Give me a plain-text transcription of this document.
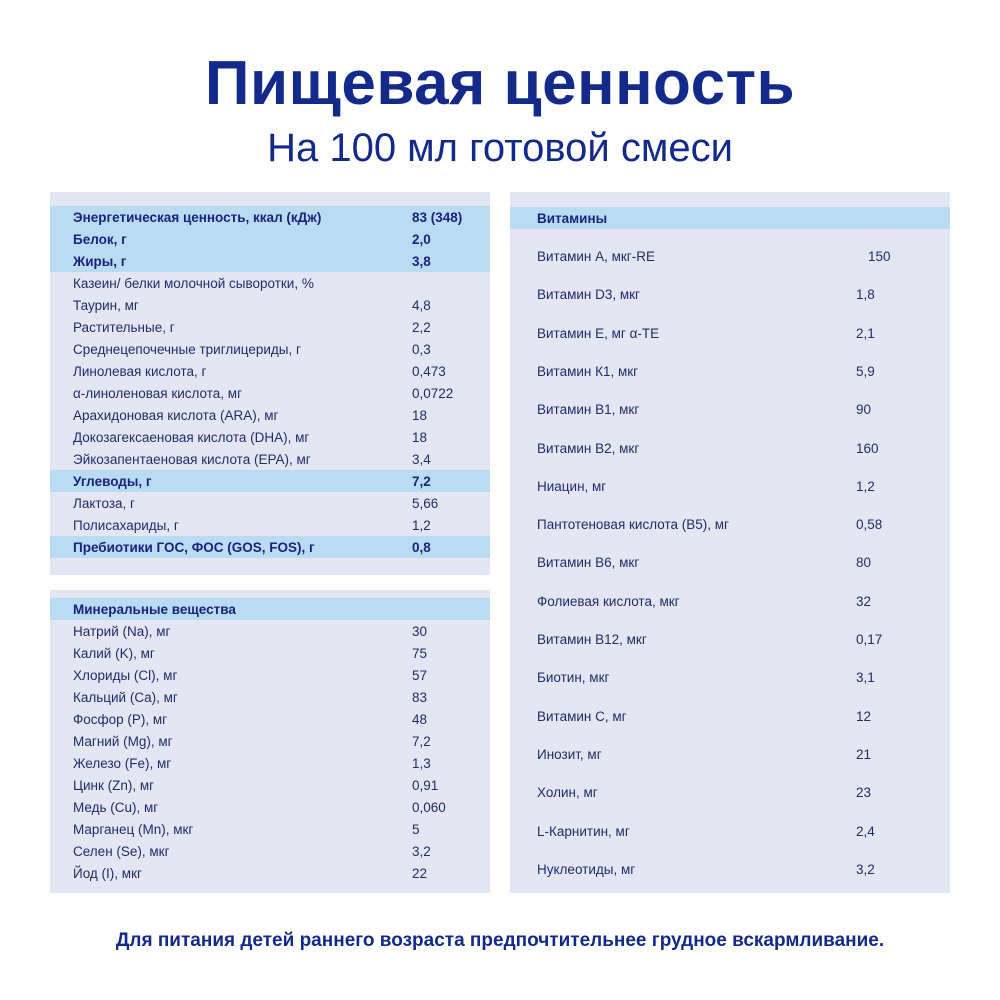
Пищевая ценность
На 100 мл готовой смеси
Энергетическая ценность, ккал (кДж)	83 (348)
Белок, г	2,0
Жиры, г	3,8
Казеин/ белки молочной сыворотки, %
Таурин, мг	4,8
Растительные, г	2,2
Среднецепочечные триглицериды, г	0,3
Линолевая кислота, г	0,473
α-линоленовая кислота, мг	0,0722
Арахидоновая кислота (ARA), мг	18
Докозагексаеновая кислота (DHA), мг	18
Эйкозапентаеновая кислота (EPA), мг	3,4
Углеводы, г	7,2
Лактоза, г	5,66
Полисахариды, г	1,2
Пребиотики ГОС, ФОС (GOS, FOS), г	0,8
Минеральные вещества
Натрий (Na), мг	30
Калий (K), мг	75
Хлориды (Cl), мг	57
Кальций (Ca), мг	83
Фосфор (P), мг	48
Магний (Mg), мг	7,2
Железо (Fe), мг	1,3
Цинк (Zn), мг	0,91
Медь (Cu), мг	0,060
Марганец (Mn), мкг	5
Селен (Se), мкг	3,2
Йод (I), мкг	22
Витамины
Витамин А, мкг-RE	150
Витамин D3, мкг	1,8
Витамин Е, мг α-TE	2,1
Витамин К1, мкг	5,9
Витамин В1, мкг	90
Витамин В2, мкг	160
Ниацин, мг	1,2
Пантотеновая кислота (В5), мг	0,58
Витамин В6, мкг	80
Фолиевая кислота, мкг	32
Витамин В12, мкг	0,17
Биотин, мкг	3,1
Витамин С, мг	12
Инозит, мг	21
Холин, мг	23
L-Карнитин, мг	2,4
Нуклеотиды, мг	3,2
Для питания детей раннего возраста предпочтительнее грудное вскармливание.
